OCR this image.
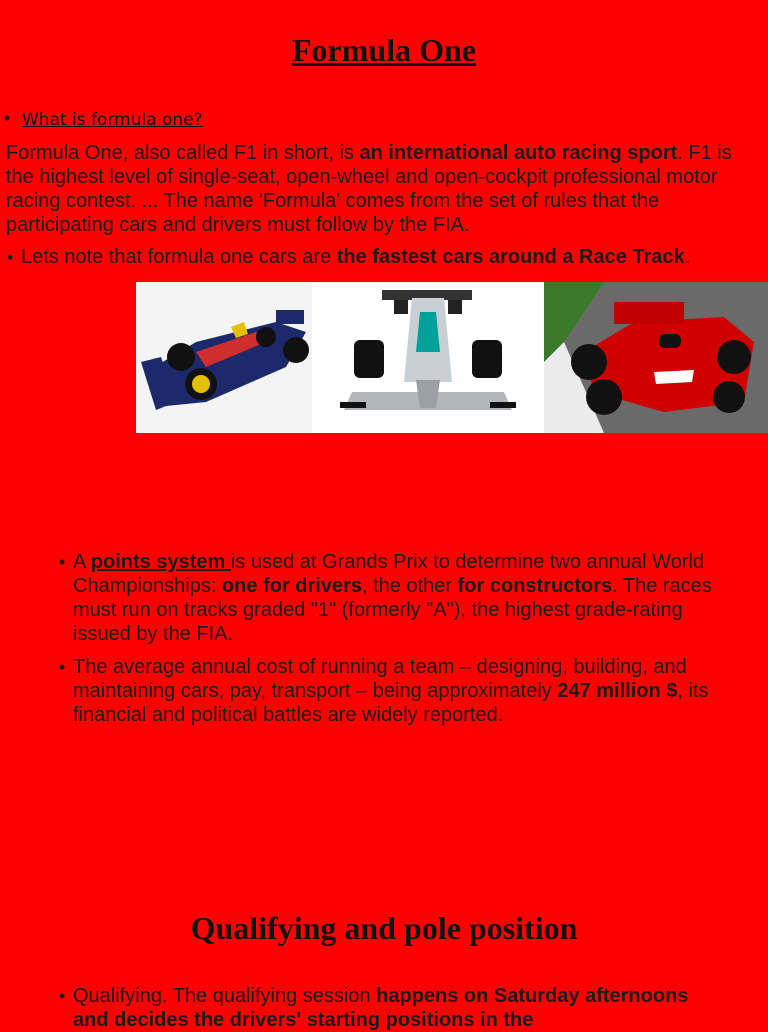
Formula One
• What is formula one?
Formula One, also called F1 in short, is an international auto racing sport. F1 is the highest level of single-seat, open-wheel and open-cockpit professional motor racing contest. ... The name 'Formula' comes from the set of rules that the participating cars and drivers must follow by the FIA.
• Lets note that formula one cars are the fastest cars around a Race Track.
• A points system is used at Grands Prix to determine two annual World Championships: one for drivers, the other for constructors. The races must run on tracks graded "1" (formerly "A"), the highest grade-rating issued by the FIA.
• The average annual cost of running a team – designing, building, and maintaining cars, pay, transport – being approximately 247 million $, its financial and political battles are widely reported.
Qualifying and pole position
• Qualifying. The qualifying session happens on Saturday afternoons and decides the drivers' starting positions in the
